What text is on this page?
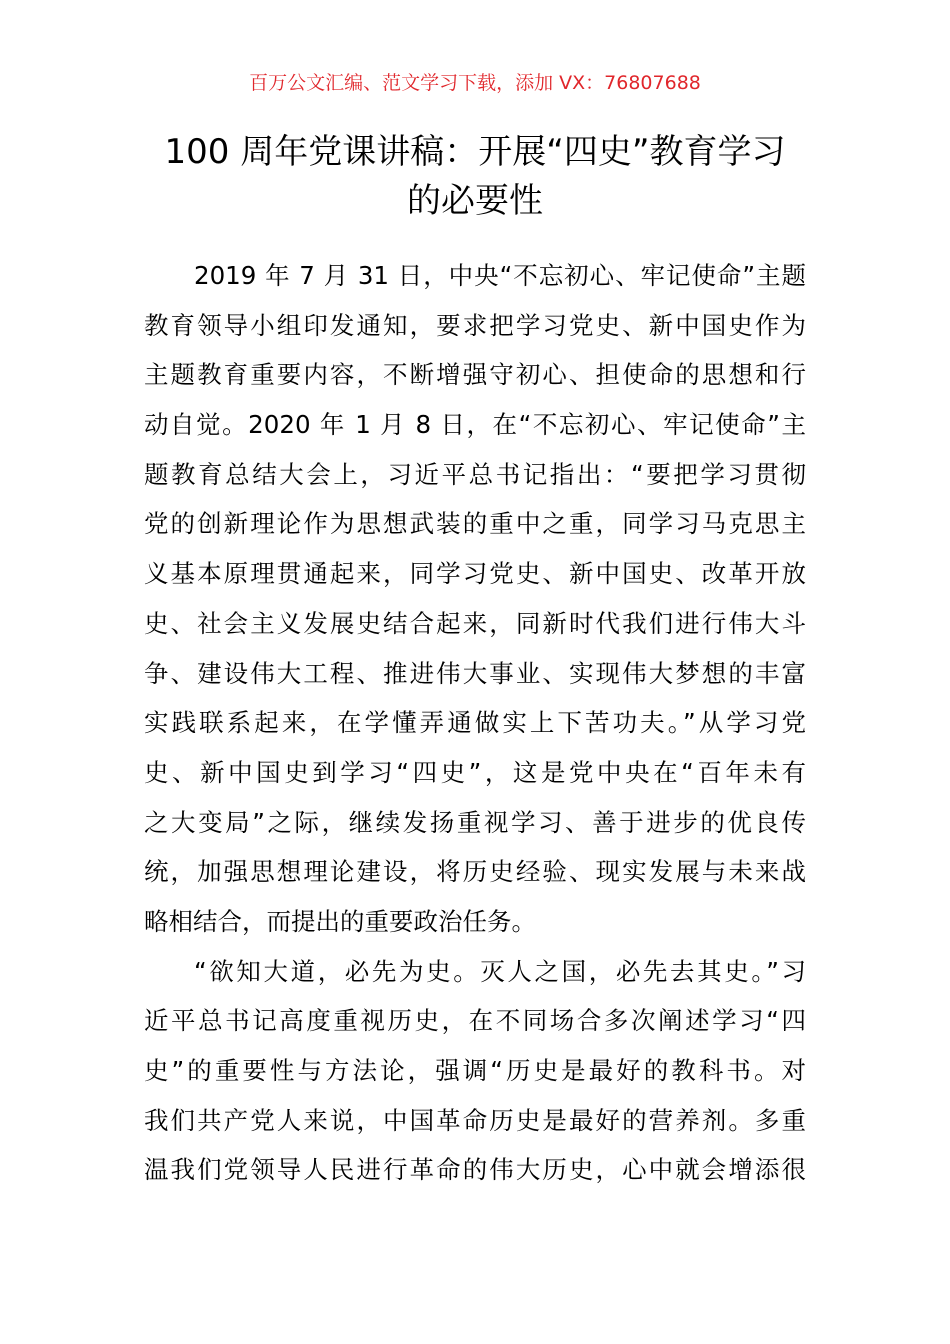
百万公文汇编、范文学习下载，添加 VX：76807688
100 周年党课讲稿：开展“四史”教育学习
的必要性
2019 年 7 月 31 日，中央“不忘初心、牢记使命”主题
教育领导小组印发通知，要求把学习党史、新中国史作为
主题教育重要内容，不断增强守初心、担使命的思想和行
动自觉。2020 年 1 月 8 日，在“不忘初心、牢记使命”主
题教育总结大会上，习近平总书记指出：“要把学习贯彻
党的创新理论作为思想武装的重中之重，同学习马克思主
义基本原理贯通起来，同学习党史、新中国史、改革开放
史、社会主义发展史结合起来，同新时代我们进行伟大斗
争、建设伟大工程、推进伟大事业、实现伟大梦想的丰富
实践联系起来，在学懂弄通做实上下苦功夫。”从学习党
史、新中国史到学习“四史”，这是党中央在“百年未有
之大变局”之际，继续发扬重视学习、善于进步的优良传
统，加强思想理论建设，将历史经验、现实发展与未来战
略相结合，而提出的重要政治任务。
“欲知大道，必先为史。灭人之国，必先去其史。”习
近平总书记高度重视历史，在不同场合多次阐述学习“四
史”的重要性与方法论，强调“历史是最好的教科书。对
我们共产党人来说，中国革命历史是最好的营养剂。多重
温我们党领导人民进行革命的伟大历史，心中就会增添很
